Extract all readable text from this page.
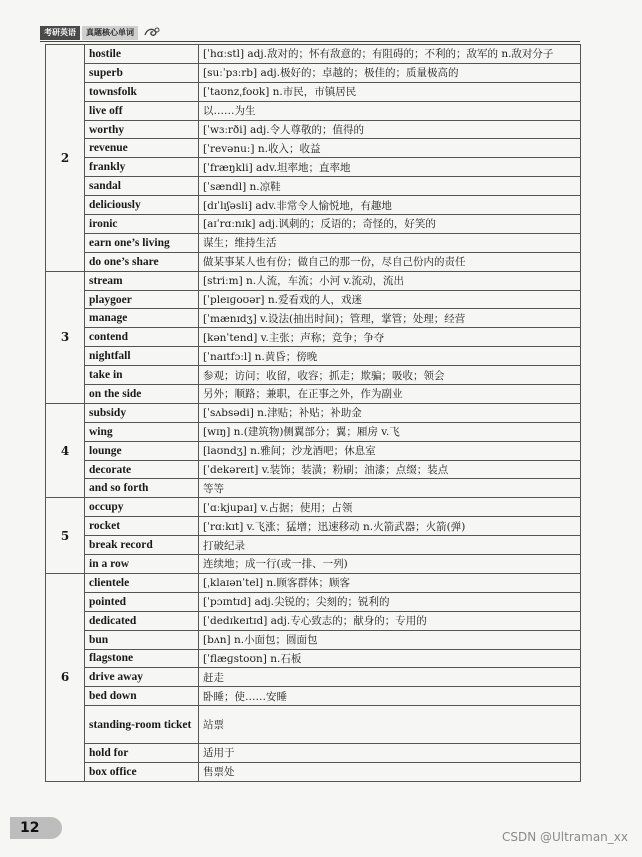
考研英语	真题核心单词
2	hostile	[ˈhɑːstl] adj.敌对的；怀有敌意的；有阻碍的；不利的；敌军的 n.敌对分子
	superb	[suːˈpɜːrb] adj.极好的；卓越的；极佳的；质量极高的
	townsfolk	[ˈtaʊnzˌfoʊk] n.市民，市镇居民
	live off	以……为生
	worthy	[ˈwɜːrði] adj.令人尊敬的；值得的
	revenue	[ˈrevənuː] n.收入；收益
	frankly	[ˈfræŋkli] adv.坦率地；直率地
	sandal	[ˈsændl] n.凉鞋
	deliciously	[dɪˈlɪʃəsli] adv.非常令人愉悦地，有趣地
	ironic	[aɪˈrɑːnɪk] adj.讽刺的；反语的；奇怪的，好笑的
	earn one’s living	谋生；维持生活
	do one’s share	做某事某人也有份；做自己的那一份，尽自己份内的责任
3	stream	[striːm] n.人流，车流；小河 v.流动，流出
	playgoer	[ˈpleɪɡoʊər] n.爱看戏的人，戏迷
	manage	[ˈmænɪdʒ] v.设法(抽出时间)；管理，掌管；处理；经营
	contend	[kənˈtend] v.主张；声称；竞争；争夺
	nightfall	[ˈnaɪtfɔːl] n.黄昏；傍晚
	take in	参观；访问；收留，收容；抓走；欺骗；吸收；领会
	on the side	另外；顺路；兼职，在正事之外，作为副业
4	subsidy	[ˈsʌbsədi] n.津贴；补贴；补助金
	wing	[wɪŋ] n.(建筑物)侧翼部分；翼；厢房 v.飞
	lounge	[laʊndʒ] n.雅间；沙龙酒吧；休息室
	decorate	[ˈdekəreɪt] v.装饰；装潢；粉刷；油漆；点缀；装点
	and so forth	等等
5	occupy	[ˈɑːkjupaɪ] v.占据；使用；占领
	rocket	[ˈrɑːkɪt] v.飞涨；猛增；迅速移动 n.火箭武器；火箭(弹)
	break record	打破纪录
	in a row	连续地；成一行(或一排、一列)
6	clientele	[ˌklaɪənˈtel] n.顾客群体；顾客
	pointed	[ˈpɔɪntɪd] adj.尖锐的；尖刻的；锐利的
	dedicated	[ˈdedɪkeɪtɪd] adj.专心致志的；献身的；专用的
	bun	[bʌn] n.小面包；圆面包
	flagstone	[ˈflæɡstoʊn] n.石板
	drive away	赶走
	bed down	卧睡；使……安睡
	standing-room ticket	站票
	hold for	适用于
	box office	售票处
12
CSDN @Ultraman_xx
